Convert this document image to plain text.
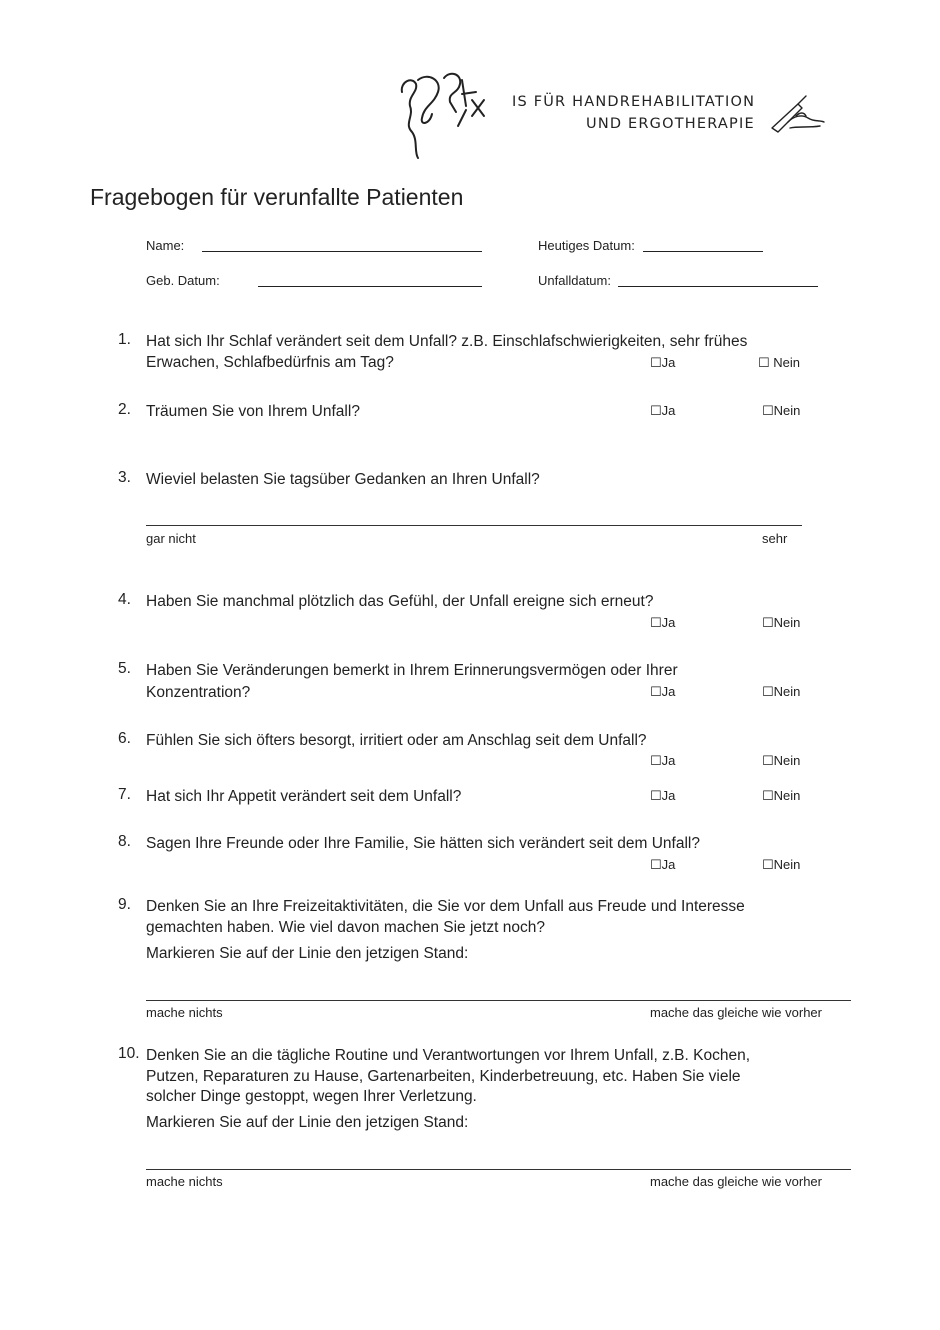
IS FÜR HANDREHABILITATION
UND ERGOTHERAPIE
Fragebogen für verunfallte Patienten
Name:	Heutiges Datum:
Geb. Datum:	Unfalldatum:
1. Hat sich Ihr Schlaf verändert seit dem Unfall? z.B. Einschlafschwierigkeiten, sehr frühes
Erwachen, Schlafbedürfnis am Tag?	☐Ja	☐ Nein
2. Träumen Sie von Ihrem Unfall?	☐Ja	☐Nein
3. Wieviel belasten Sie tagsüber Gedanken an Ihren Unfall?
gar nicht	sehr
4. Haben Sie manchmal plötzlich das Gefühl, der Unfall ereigne sich erneut?
☐Ja	☐Nein
5. Haben Sie Veränderungen bemerkt in Ihrem Erinnerungsvermögen oder Ihrer
Konzentration?	☐Ja	☐Nein
6. Fühlen Sie sich öfters besorgt, irritiert oder am Anschlag seit dem Unfall?
☐Ja	☐Nein
7. Hat sich Ihr Appetit verändert seit dem Unfall?	☐Ja	☐Nein
8. Sagen Ihre Freunde oder Ihre Familie, Sie hätten sich verändert seit dem Unfall?
☐Ja	☐Nein
9. Denken Sie an Ihre Freizeitaktivitäten, die Sie vor dem Unfall aus Freude und Interesse
gemachten haben. Wie viel davon machen Sie jetzt noch?
Markieren Sie auf der Linie den jetzigen Stand:
mache nichts	mache das gleiche wie vorher
10. Denken Sie an die tägliche Routine und Verantwortungen vor Ihrem Unfall, z.B. Kochen,
Putzen, Reparaturen zu Hause, Gartenarbeiten, Kinderbetreuung, etc. Haben Sie viele
solcher Dinge gestoppt, wegen Ihrer Verletzung.
Markieren Sie auf der Linie den jetzigen Stand:
mache nichts	mache das gleiche wie vorher
